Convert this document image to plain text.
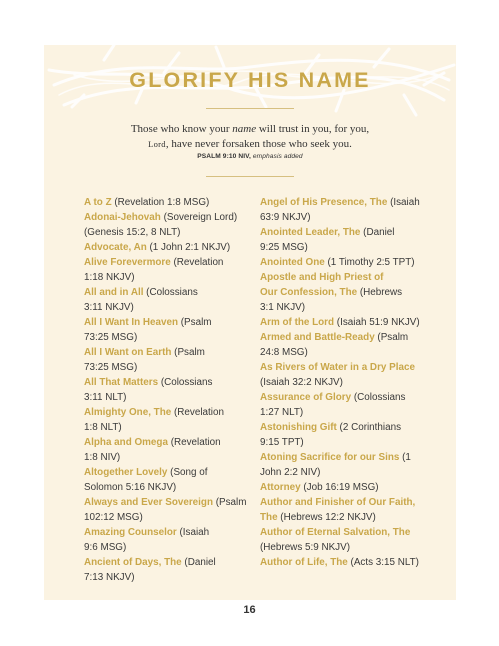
GLORIFY HIS NAME
Those who know your name will trust in you, for you,
Lord, have never forsaken those who seek you.
PSALM 9:10 NIV, emphasis added
A to Z (Revelation 1:8 MSG)
Adonai-Jehovah (Sovereign Lord)
(Genesis 15:2, 8 NLT)
Advocate, An (1 John 2:1 NKJV)
Alive Forevermore (Revelation
1:18 NKJV)
All and in All (Colossians
3:11 NKJV)
All I Want In Heaven (Psalm
73:25 MSG)
All I Want on Earth (Psalm
73:25 MSG)
All That Matters (Colossians
3:11 NLT)
Almighty One, The (Revelation
1:8 NLT)
Alpha and Omega (Revelation
1:8 NIV)
Altogether Lovely (Song of
Solomon 5:16 NKJV)
Always and Ever Sovereign (Psalm
102:12 MSG)
Amazing Counselor (Isaiah
9:6 MSG)
Ancient of Days, The (Daniel
7:13 NKJV)
Angel of His Presence, The (Isaiah
63:9 NKJV)
Anointed Leader, The (Daniel
9:25 MSG)
Anointed One (1 Timothy 2:5 TPT)
Apostle and High Priest of
Our Confession, The (Hebrews
3:1 NKJV)
Arm of the Lord (Isaiah 51:9 NKJV)
Armed and Battle-Ready (Psalm
24:8 MSG)
As Rivers of Water in a Dry Place
(Isaiah 32:2 NKJV)
Assurance of Glory (Colossians
1:27 NLT)
Astonishing Gift (2 Corinthians
9:15 TPT)
Atoning Sacrifice for our Sins (1
John 2:2 NIV)
Attorney (Job 16:19 MSG)
Author and Finisher of Our Faith,
The (Hebrews 12:2 NKJV)
Author of Eternal Salvation, The
(Hebrews 5:9 NKJV)
Author of Life, The (Acts 3:15 NLT)
16
